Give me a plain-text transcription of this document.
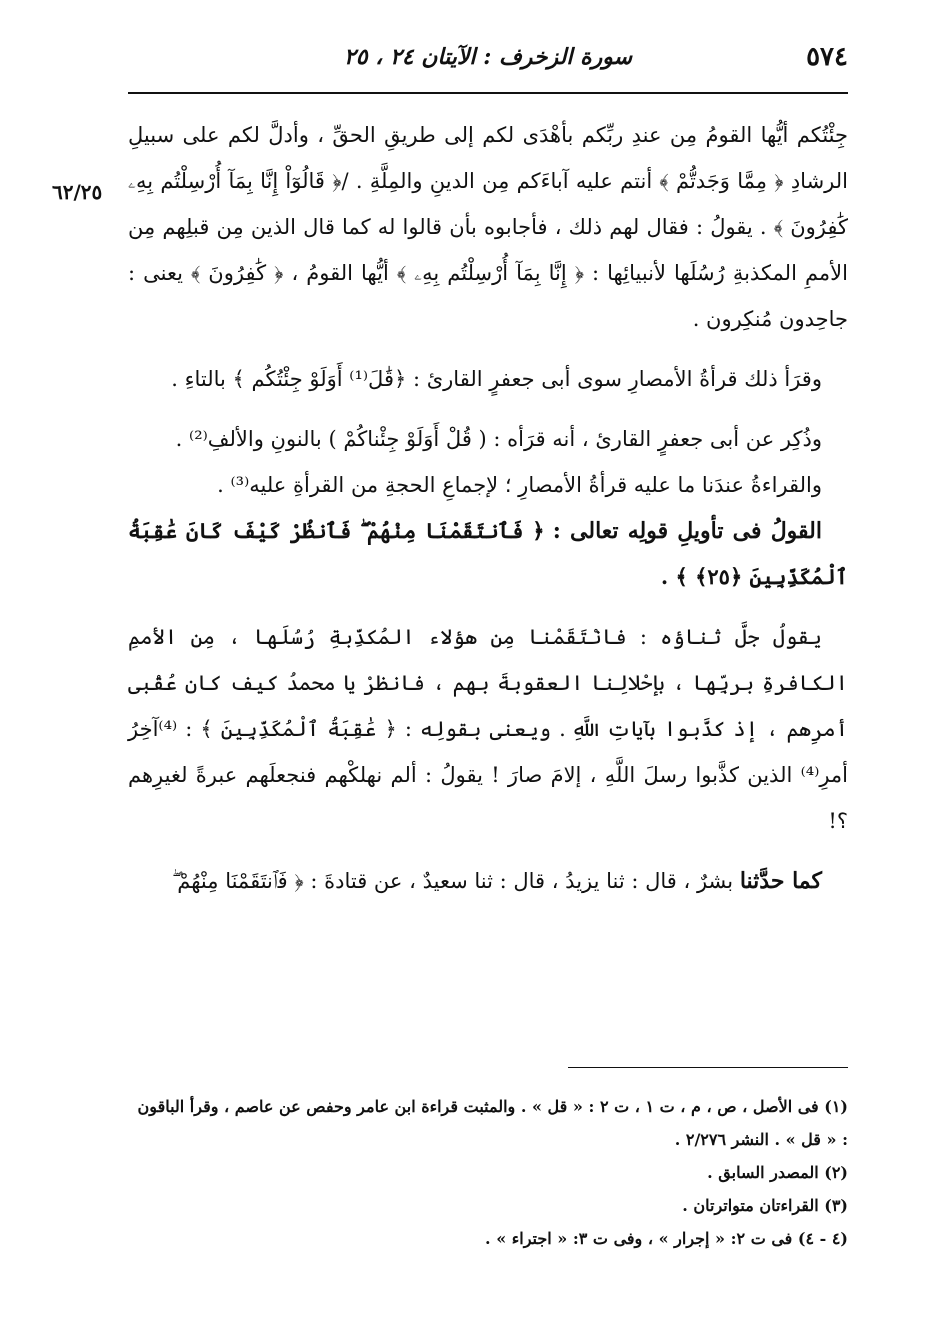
٥٧٤
سورة الزخرف : الآيتان ٢٤ ، ٢٥
٦٢/٢٥

جِئْتُكم أيُّها القومُ مِن عندِ ربِّكم بأهْدَى لكم إلى طريقِ الحقِّ ، وأدلَّ لكم على سبيلِ الرشادِ ﴿ مِمَّا وَجَدتُّمْ ﴾ أنتم عليه آباءَكم مِن الدينِ والمِلَّةِ . /﴿ قَالُوٓاْ إِنَّا بِمَآ أُرْسِلْتُم بِهِۦ كَٰفِرُونَ ﴾ . يقولُ : فقال لهم ذلك ، فأجابوه بأن قالوا له كما قال الذين مِن قبلِهم مِن الأممِ المكذبةِ رُسُلَها لأنبيائِها : ﴿ إِنَّا بِمَآ أُرْسِلْتُم بِهِۦ ﴾ أيُّها القومُ ، ﴿ كَٰفِرُونَ ﴾ يعنى : جاحِدون مُنكِرون .

وقرَأ ذلك قرأةُ الأمصارِ سوى أبى جعفرٍ القارئ : ﴿قَٰلَ⁽¹⁾ أَوَلَوْ جِئْتُكُم ﴾ بالتاءِ .

وذُكِر عن أبى جعفرٍ القارئ ، أنه قرَأه : ( قُلْ أَوَلَوْ جِئْناكُمْ ) بالنونِ والألفِ⁽²⁾ .

والقراءةُ عندَنا ما عليه قرأةُ الأمصارِ ؛ لإجماعِ الحجةِ من القرأةِ عليه⁽³⁾ .

القولُ فى تأويلِ قولِه تعالى : ﴿ فَٱنتَقَمْنَا مِنْهُمْ ۖ فَٱنظُرْ كَيْفَ كَانَ عَٰقِبَةُ ٱلْمُكَذِّبِينَ ﴿٢٥﴾ ﴾ .

يقولُ جلَّ ثناؤه : فانْتَقَمْنا مِن هؤلاء المُكذِّبةِ رُسُلَها ، مِن الأممِ الكافرةِ بربِّها ، بإحْلالِنا العقوبةَ بهم ، فانظرْ يا محمدُ كيف كان عُقْبى أمرِهم ، إذ كذَّبوا بآياتِ اللَّهِ . ويعنى بقولِه : ﴿ عَٰقِبَةُ ٱلْمُكَذِّبِينَ ﴾ : ⁽⁴⁾آخِرُ أمرِ⁽⁴⁾ الذين كذَّبوا رسلَ اللَّهِ ، إلامَ صارَ ! يقولُ : ألم نهلكْهم فنجعلَهم عبرةً لغيرِهم ؟!

كما حدَّثنا بشرٌ ، قال : ثنا يزيدُ ، قال : ثنا سعيدٌ ، عن قتادةَ : ﴿ فَٱنتَقَمْنَا مِنْهُمْ ۖ

(١) فى الأصل ، ص ، م ، ت ١ ، ت ٢ : « قل » . والمثبت قراءة ابن عامر وحفص عن عاصم ، وقرأ الباقون : « قل » . النشر ٢/٢٧٦ .

(٢) المصدر السابق .

(٣) القراءتان متواترتان .

(٤ - ٤) فى ت ٢: « إجرار » ، وفى ت ٣: « اجتراء » .
